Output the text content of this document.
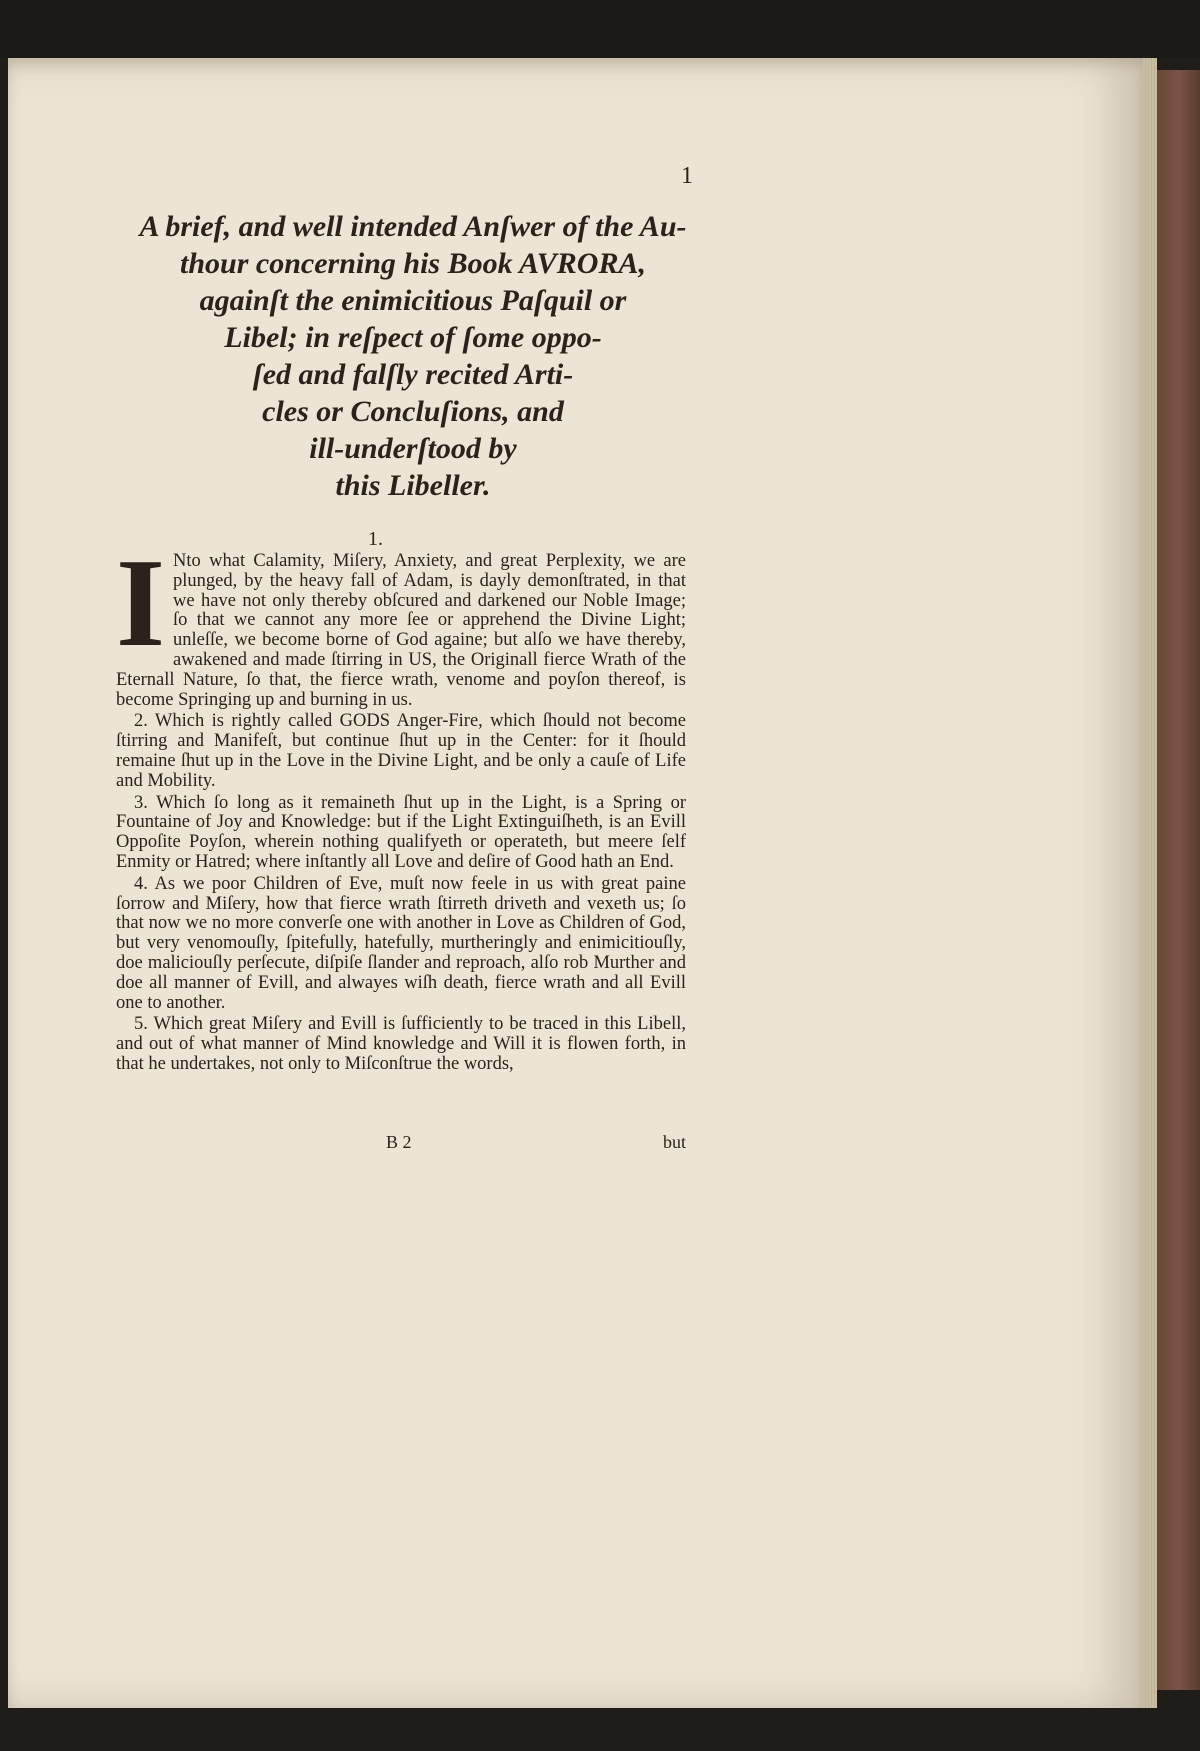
1
A brief, and well intended Anſwer of the Au-
thour concerning his Book AVRORA,
againſt the enimicitious Paſquil or
Libel; in reſpect of ſome oppo-
ſed and falſly recited Arti-
cles or Concluſions, and
ill-underſtood by
this Libeller.
1.
I Nto what Calamity, Miſery, Anxiety, and great Perplexity, we are plunged, by the heavy fall of Adam, is dayly demonſtrated, in that we have not only thereby obſcured and darkened our Noble Image; ſo that we cannot any more ſee or apprehend the Divine Light; unleſſe, we become borne of God againe; but alſo we have thereby, awakened and made ſtirring in US, the Originall fierce Wrath of the Eternall Nature, ſo that, the fierce wrath, venome and poyſon thereof, is become Springing up and burning in us.

2. Which is rightly called GODS Anger-Fire, which ſhould not become ſtirring and Manifeſt, but continue ſhut up in the Center: for it ſhould remaine ſhut up in the Love in the Divine Light, and be only a cauſe of Life and Mobility.

3. Which ſo long as it remaineth ſhut up in the Light, is a Spring or Fountaine of Joy and Knowledge: but if the Light Extinguiſheth, is an Evill Oppoſite Poyſon, wherein nothing qualifyeth or operateth, but meere ſelf Enmity or Hatred; where inſtantly all Love and deſire of Good hath an End.

4. As we poor Children of Eve, muſt now feele in us with great paine ſorrow and Miſery, how that fierce wrath ſtirreth driveth and vexeth us; ſo that now we no more converſe one with another in Love as Children of God, but very venomouſly, ſpitefully, hatefully, murtheringly and enimicitiouſly, doe maliciouſly perſecute, diſpiſe ſlander and reproach, alſo rob Murther and doe all manner of Evill, and alwayes wiſh death, fierce wrath and all Evill one to another.

5. Which great Miſery and Evill is ſufficiently to be traced in this Libell, and out of what manner of Mind knowledge and Will it is flowen forth, in that he undertakes, not only to Miſconſtrue the words,

B 2	but
